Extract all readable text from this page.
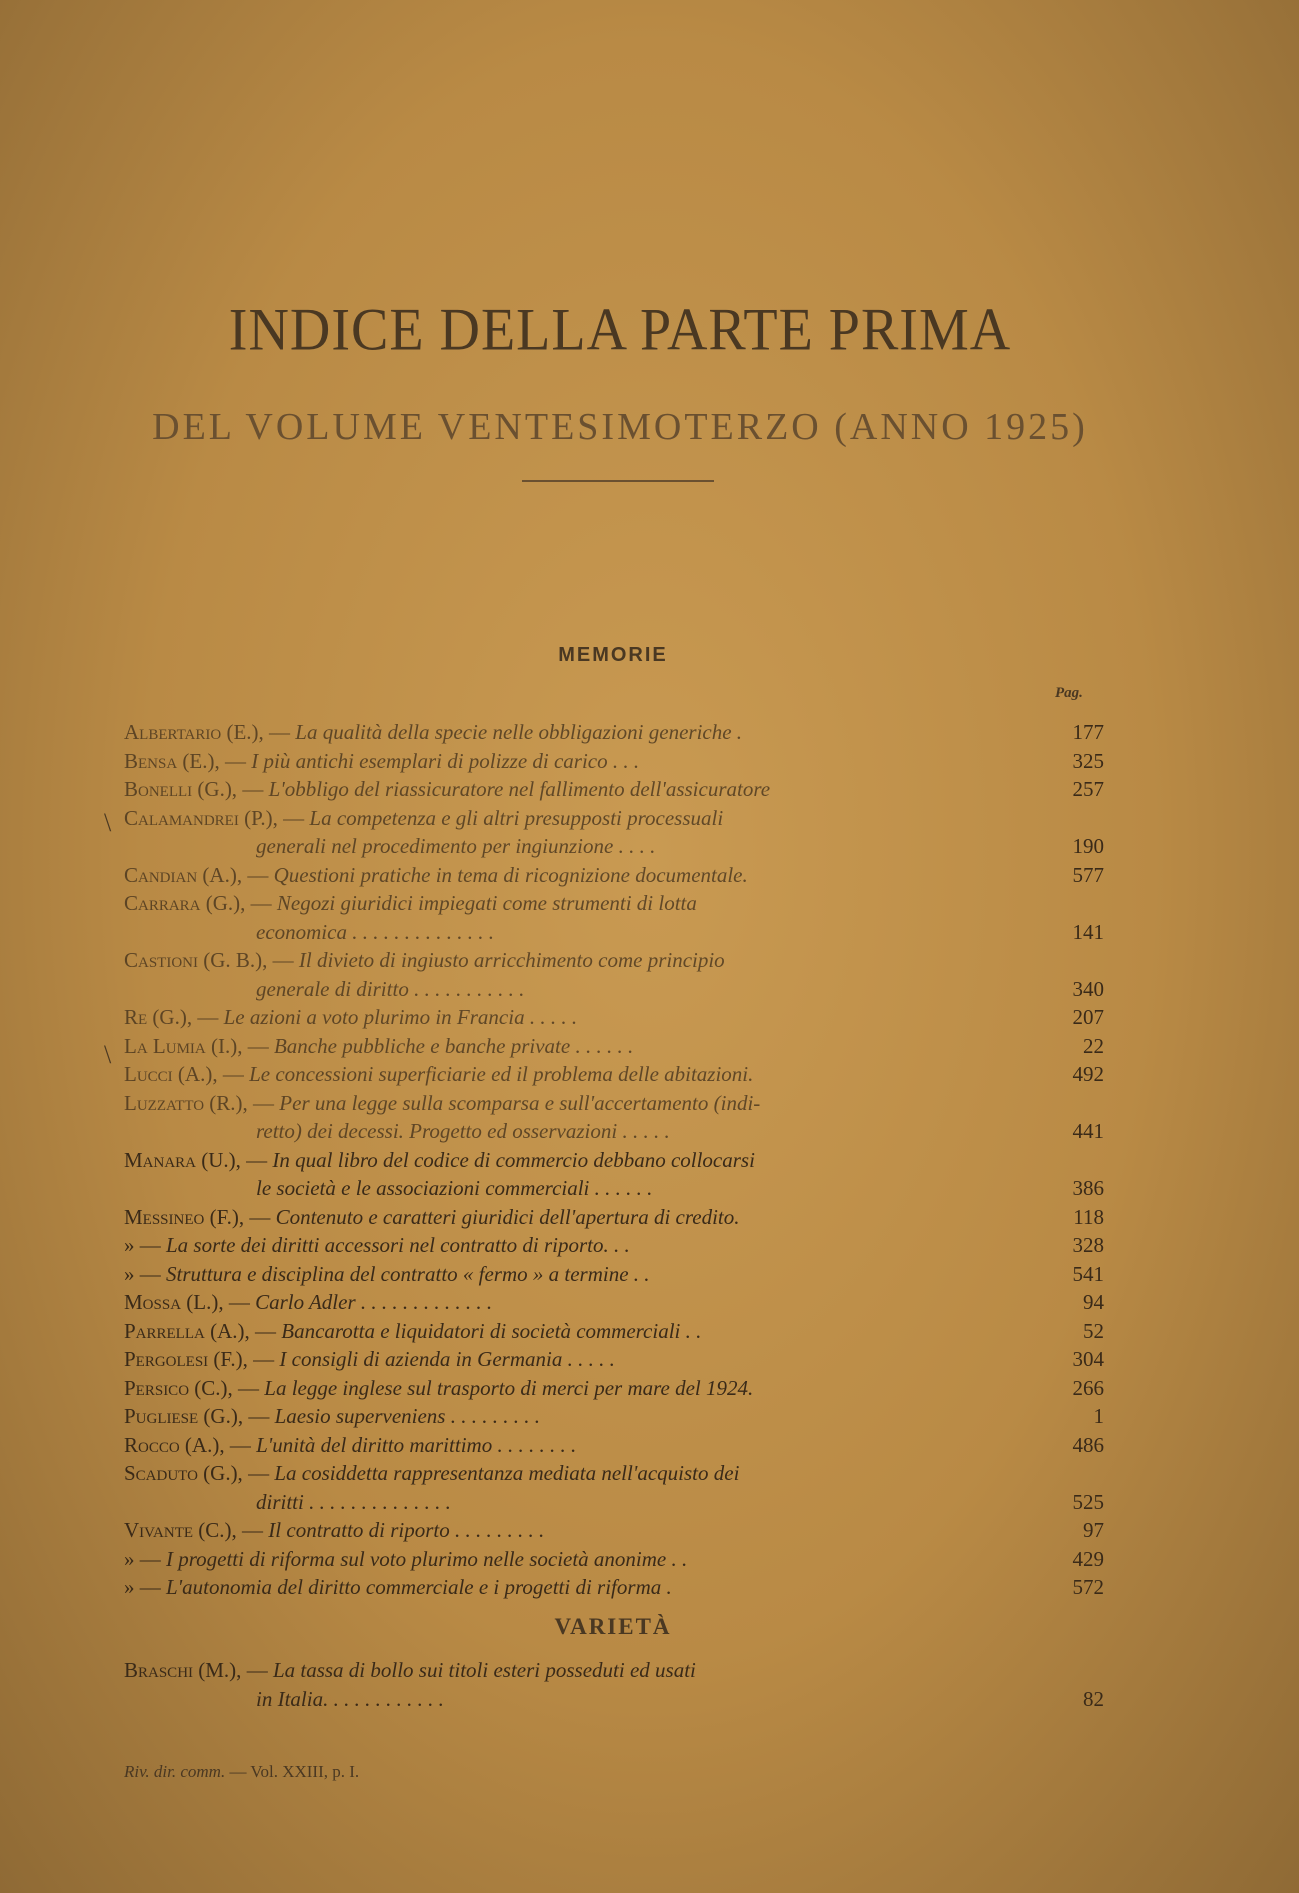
INDICE DELLA PARTE PRIMA
DEL VOLUME VENTESIMOTERZO (ANNO 1925)
MEMORIE
Pag.
\
\
Albertario (E.), — La qualità della specie nelle obbligazioni generiche .	177
Bensa (E.), — I più antichi esemplari di polizze di carico . . .	325
Bonelli (G.), — L'obbligo del riassicuratore nel fallimento dell'assicuratore	257
Calamandrei (P.), — La competenza e gli altri presupposti processuali
generali nel procedimento per ingiunzione . . . .	190
Candian (A.), — Questioni pratiche in tema di ricognizione documentale.	577
Carrara (G.), — Negozi giuridici impiegati come strumenti di lotta
economica . . . . . . . . . . . . . .	141
Castioni (G. B.), — Il divieto di ingiusto arricchimento come principio
generale di diritto . . . . . . . . . . .	340
Re (G.), — Le azioni a voto plurimo in Francia . . . . .	207
La Lumia (I.), — Banche pubbliche e banche private . . . . . .	22
Lucci (A.), — Le concessioni superficiarie ed il problema delle abitazioni.	492
Luzzatto (R.), — Per una legge sulla scomparsa e sull'accertamento (indi-
retto) dei decessi. Progetto ed osservazioni . . . . .	441
Manara (U.), — In qual libro del codice di commercio debbano collocarsi
le società e le associazioni commerciali . . . . . .	386
Messineo (F.), — Contenuto e caratteri giuridici dell'apertura di credito.	118
» — La sorte dei diritti accessori nel contratto di riporto. . .	328
» — Struttura e disciplina del contratto « fermo » a termine . .	541
Mossa (L.), — Carlo Adler . . . . . . . . . . . . .	94
Parrella (A.), — Bancarotta e liquidatori di società commerciali . .	52
Pergolesi (F.), — I consigli di azienda in Germania . . . . .	304
Persico (C.), — La legge inglese sul trasporto di merci per mare del 1924.	266
Pugliese (G.), — Laesio superveniens . . . . . . . . .	1
Rocco (A.), — L'unità del diritto marittimo . . . . . . . .	486
Scaduto (G.), — La cosiddetta rappresentanza mediata nell'acquisto dei
diritti . . . . . . . . . . . . . .	525
Vivante (C.), — Il contratto di riporto . . . . . . . . .	97
» — I progetti di riforma sul voto plurimo nelle società anonime . .	429
» — L'autonomia del diritto commerciale e i progetti di riforma .	572
VARIETÀ
Braschi (M.), — La tassa di bollo sui titoli esteri posseduti ed usati
in Italia. . . . . . . . . . . .	82
Riv. dir. comm. — Vol. XXIII, p. I.
